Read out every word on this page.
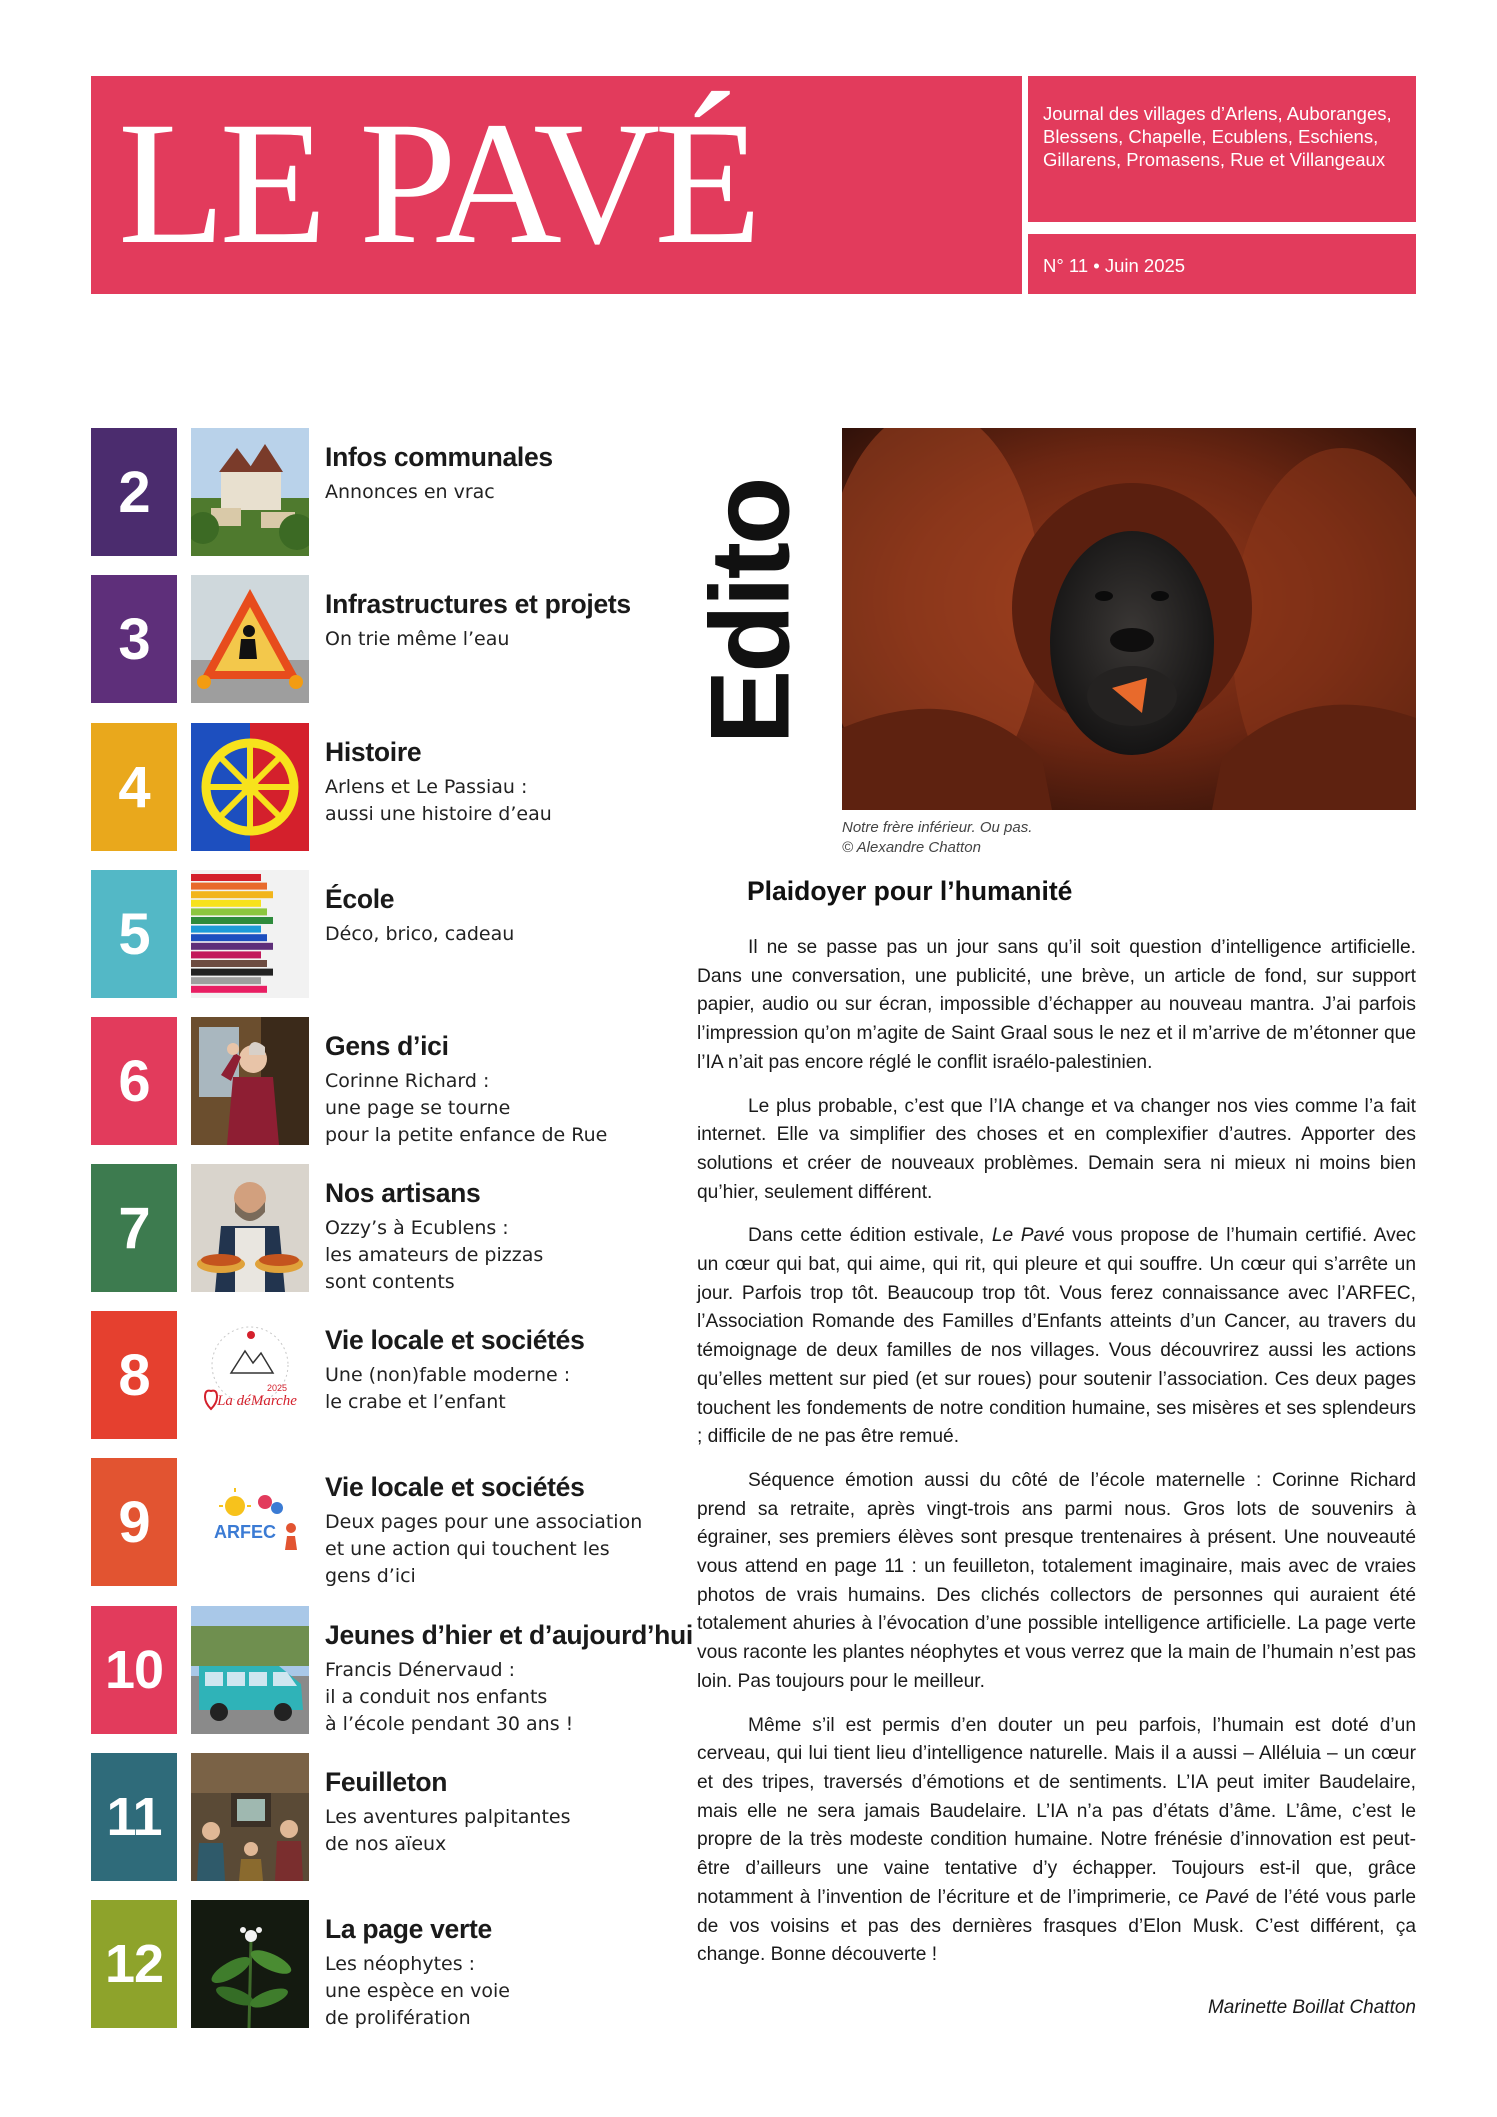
LE PAVÉ	Journal des villages d’Arlens, Auboranges, Blessens, Chapelle, Ecublens, Eschiens, Gillarens, Promasens, Rue et Villangeaux
N° 11 • Juin 2025
2
Infos communales
Annonces en vrac
3
Infrastructures et projets
On trie même l’eau
4
Histoire
Arlens et Le Passiau :
aussi une histoire d’eau
5
École
Déco, brico, cadeau
6
Gens d’ici
Corinne Richard :
une page se tourne
pour la petite enfance de Rue
7
Nos artisans
Ozzy’s à Ecublens :
les amateurs de pizzas
sont contents
8	2025
La déMarche
Vie locale et sociétés
Une (non)fable moderne :
le crabe et l’enfant
9	ARFEC
Vie locale et sociétés
Deux pages pour une association
et une action qui touchent les
gens d’ici
10
Jeunes d’hier et d’aujourd’hui
Francis Dénervaud :
il a conduit nos enfants
à l’école pendant 30 ans !
11
Feuilleton
Les aventures palpitantes
de nos aïeux
12
La page verte
Les néophytes :
une espèce en voie
de prolifération
Edito
Notre frère inférieur. Ou pas.
© Alexandre Chatton
Plaidoyer pour l’humanité

Il ne se passe pas un jour sans qu’il soit question d’intelligence artificielle. Dans une conversation, une publicité, une brève, un article de fond, sur support papier, audio ou sur écran, impossible d’échapper au nouveau mantra. J’ai parfois l’impression qu’on m’agite de Saint Graal sous le nez et il m’arrive de m’étonner que l’IA n’ait pas encore réglé le conflit israélo-palestinien.

Le plus probable, c’est que l’IA change et va changer nos vies comme l’a fait internet. Elle va simplifier des choses et en complexifier d’autres. Apporter des solutions et créer de nouveaux problèmes. Demain sera ni mieux ni moins bien qu’hier, seulement différent.

Dans cette édition estivale, Le Pavé vous propose de l’humain certifié. Avec un cœur qui bat, qui aime, qui rit, qui pleure et qui souffre. Un cœur qui s’arrête un jour. Parfois trop tôt. Beaucoup trop tôt. Vous ferez connaissance avec l’ARFEC, l’Association Romande des Familles d’Enfants atteints d’un Cancer, au travers du témoignage de deux familles de nos villages. Vous découvrirez aussi les actions qu’elles mettent sur pied (et sur roues) pour soutenir l’association. Ces deux pages touchent les fondements de notre condition humaine, ses misères et ses splendeurs ; difficile de ne pas être remué.

Séquence émotion aussi du côté de l’école maternelle : Corinne Richard prend sa retraite, après vingt-trois ans parmi nous. Gros lots de souvenirs à égrainer, ses premiers élèves sont presque trentenaires à présent. Une nouveauté vous attend en page 11 : un feuilleton, totalement imaginaire, mais avec de vraies photos de vrais humains. Des clichés collectors de personnes qui auraient été totalement ahuries à l’évocation d’une possible intelligence artificielle. La page verte vous raconte les plantes néophytes et vous verrez que la main de l’humain n’est pas loin. Pas toujours pour le meilleur.

Même s’il est permis d’en douter un peu parfois, l’humain est doté d’un cerveau, qui lui tient lieu d’intelligence naturelle. Mais il a aussi – Alléluia – un cœur et des tripes, traversés d’émotions et de sentiments. L’IA peut imiter Baudelaire, mais elle ne sera jamais Baudelaire. L’IA n’a pas d’états d’âme. L’âme, c’est le propre de la très modeste condition humaine. Notre frénésie d’innovation est peut-être d’ailleurs une vaine tentative d’y échapper. Toujours est-il que, grâce notamment à l’invention de l’écriture et de l’imprimerie, ce Pavé de l’été vous parle de vos voisins et pas des dernières frasques d’Elon Musk. C’est différent, ça change. Bonne découverte !

Marinette Boillat Chatton
